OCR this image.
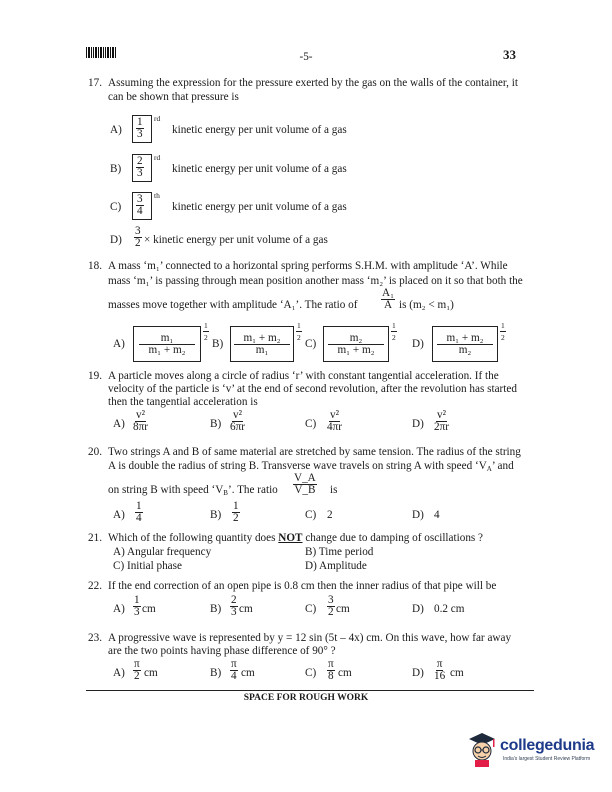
-5-	33
17. Assuming the expression for the pressure exerted by the gas on the walls of the container, it
can be shown that pressure is
$A) \frac{1}{3}$ rd
kinetic energy per unit volume of a gas
$B) \frac{2}{3}$ rd
kinetic energy per unit volume of a gas
$C) \frac{3}{4}$ th
kinetic energy per unit volume of a gas
$D) \frac{3}{2}$ × kinetic energy per unit volume of a gas
18. A mass ‘m₁’ connected to a horizontal spring performs S.H.M. with amplitude ‘A’. While
mass ‘m₁’ is passing through mean position another mass ‘m₂’ is placed on it so that both the
masses move together with amplitude ‘A₁’. The ratio of $\frac{\text{A₁}}{A}$ is (m₂ < m₁)
$A) \frac{\text{m₁}}{\text{m₁ + m₂}}$
$\frac{1}{2}$
$B) \frac{\text{m₁ + m₂}}{\text{m₁}}$
$\frac{1}{2}$
$C) \frac{\text{m₂}}{\text{m₁ + m₂}}$
$\frac{1}{2}$
$D) \frac{\text{m₁ + m₂}}{\text{m₂}}$
$\frac{1}{2}$
19. A particle moves along a circle of radius ‘r’ with constant tangential acceleration. If the
velocity of the particle is ‘v’ at the end of second revolution, after the revolution has started
then the tangential acceleration is
$A) \frac{\text{v²}}{8\pi r}$	$B) \frac{\text{v²}}{6\pi r}$	$C) \frac{\text{v²}}{4\pi r}$	$D) \frac{\text{v²}}{2\pi r}$
20. Two strings A and B of same material are stretched by same tension. The radius of the string
A is double the radius of string B. Transverse wave travels on string A with speed ‘$V_A$’ and
on string B with speed ‘$V_B$’. The ratio $\frac{V\_A}{V\_B}$ is
$A) \frac{1}{4}$	$B) \frac{1}{2}$	C) 2	D) 4
21. Which of the following quantity does NOT change due to damping of oscillations ?
A) Angular frequency	B) Time period
C) Initial phase	D) Amplitude
22. If the end correction of an open pipe is 0.8 cm then the inner radius of that pipe will be
$A) \frac{1}{3}$ cm	$B) \frac{2}{3}$ cm	$C) \frac{3}{2}$ cm	D) 0.2 cm
23. A progressive wave is represented by y = 12 sin (5t – 4x) cm. On this wave, how far away
are the two points having phase difference of 90° ?
$A) \frac{\pi}{2}$ cm	$B) \frac{\pi}{4}$ cm	$C) \frac{\pi}{8}$ cm	$D) \frac{\pi}{16}$ cm
SPACE FOR ROUGH WORK
collegedunia
India's largest Student Review Platform
